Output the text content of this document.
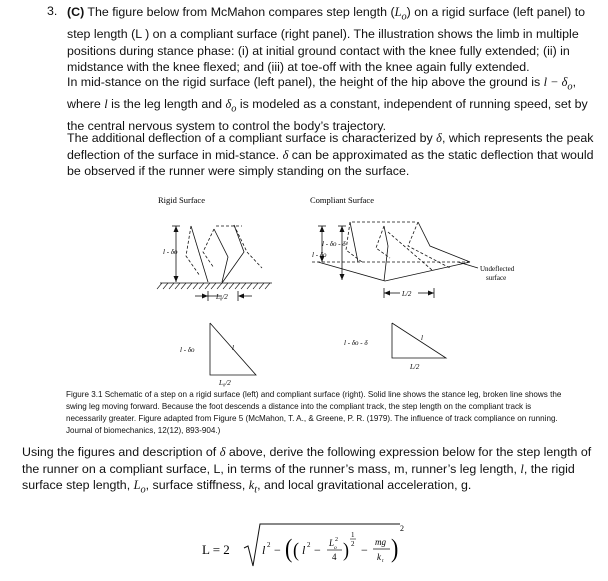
3. (C) The figure below from McMahon compares step length $(L_o)$ on a rigid surface (left panel) to step length (L ) on a compliant surface (right panel). The illustration shows the limb in multiple positions during stance phase: (i) at initial ground contact with the knee fully extended; (ii) in midstance with the knee flexed; and (iii) at toe-off with the knee again fully extended.
In mid-stance on the rigid surface (left panel), the height of the hip above the ground is $l - \delta_o$, where l is the leg length and $\delta_o$ is modeled as a constant, independent of running speed, set by the central nervous system to control the body’s trajectory.
The additional deflection of a compliant surface is characterized by δ, which represents the peak deflection of the surface in mid-stance. δ can be approximated as the static deflection that would be observed if the runner were simply standing on the surface.
Rigid Surface	Compliant Surface
l - δo
L₀/2
l - δo - δ
l - δo
Undeflected
surface
L/2
l - δo	l
L₀/2
l - δo - δ
l
L/2
Figure 3.1 Schematic of a step on a rigid surface (left) and compliant surface (right). Solid line shows the stance leg, broken line shows the swing leg moving forward. Because the foot descends a distance into the compliant track, the step length on the compliant track is necessarily greater. Figure adapted from Figure 5 (McMahon, T. A., & Greene, P. R. (1979). The influence of track compliance on running. Journal of biomechanics, 12(12), 893-904.)
Using the figures and description of δ above, derive the following expression below for the step length of the runner on a compliant surface, L, in terms of the runner’s mass, m, runner’s leg length, l, the rigid surface step length, $L_o$, surface stiffness, $k_t$, and local gravitational acceleration, g.
L = 2	l 2 − ( ( l 2 − L 2
o
4 )
1
2 −
mg
k t )
2
